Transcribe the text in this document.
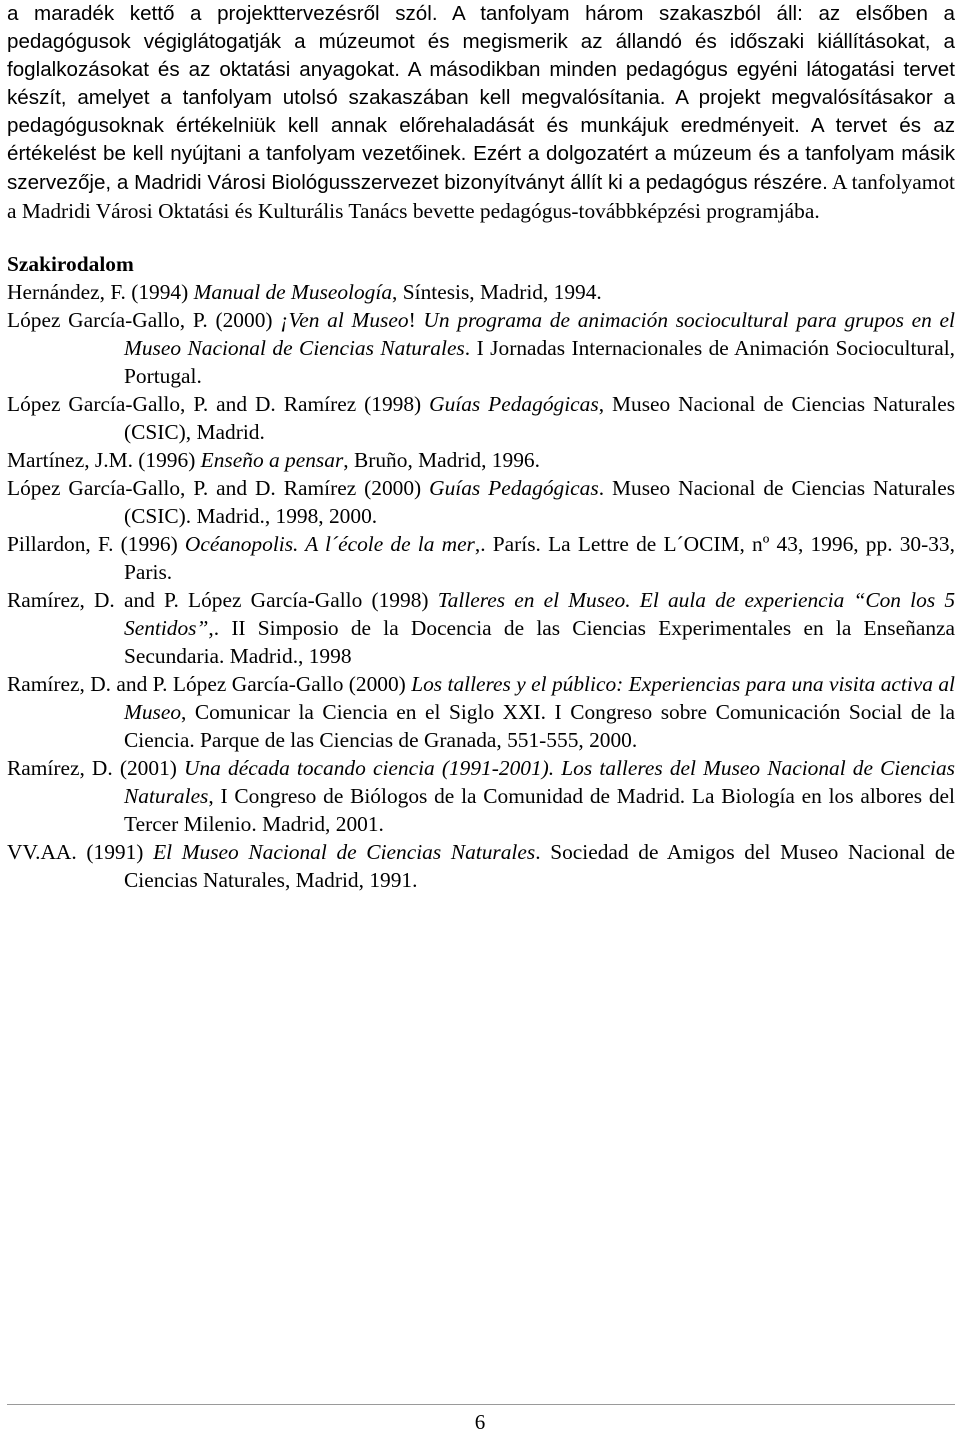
a maradék kettő a projekttervezésről szól. A tanfolyam három szakaszból áll: az elsőben a pedagógusok végiglátogatják a múzeumot és megismerik az állandó és időszaki kiállításokat, a foglalkozásokat és az oktatási anyagokat. A másodikban minden pedagógus egyéni látogatási tervet készít, amelyet a tanfolyam utolsó szakaszában kell megvalósítania. A projekt megvalósításakor a pedagógusoknak értékelniük kell annak előrehaladását és munkájuk eredményeit. A tervet és az értékelést be kell nyújtani a tanfolyam vezetőinek. Ezért a dolgozatért a múzeum és a tanfolyam másik szervezője, a Madridi Városi Biológusszervezet bizonyítványt állít ki a pedagógus részére. A tanfolyamot a Madridi Városi Oktatási és Kulturális Tanács bevette pedagógus-továbbképzési programjába.

Szakirodalom

Hernández, F. (1994) Manual de Museología, Síntesis, Madrid, 1994.

López García-Gallo, P. (2000) ¡Ven al Museo! Un programa de animación sociocultural para grupos en el Museo Nacional de Ciencias Naturales. I Jornadas Internacionales de Animación Sociocultural, Portugal.

López García-Gallo, P. and D. Ramírez (1998) Guías Pedagógicas, Museo Nacional de Ciencias Naturales (CSIC), Madrid.

Martínez, J.M. (1996) Enseño a pensar, Bruño, Madrid, 1996.

López García-Gallo, P. and D. Ramírez (2000) Guías Pedagógicas. Museo Nacional de Ciencias Naturales (CSIC). Madrid., 1998, 2000.

Pillardon, F. (1996) Océanopolis. A l´école de la mer,. París. La Lettre de L´OCIM, nº 43, 1996, pp. 30-33, Paris.

Ramírez, D. and P. López García-Gallo (1998) Talleres en el Museo. El aula de experiencia “Con los 5 Sentidos”,. II Simposio de la Docencia de las Ciencias Experimentales en la Enseñanza Secundaria. Madrid., 1998

Ramírez, D. and P. López García-Gallo (2000) Los talleres y el público: Experiencias para una visita activa al Museo, Comunicar la Ciencia en el Siglo XXI. I Congreso sobre Comunicación Social de la Ciencia. Parque de las Ciencias de Granada, 551-555, 2000.

Ramírez, D. (2001) Una década tocando ciencia (1991-2001). Los talleres del Museo Nacional de Ciencias Naturales, I Congreso de Biólogos de la Comunidad de Madrid. La Biología en los albores del Tercer Milenio. Madrid, 2001.

VV.AA. (1991) El Museo Nacional de Ciencias Naturales. Sociedad de Amigos del Museo Nacional de Ciencias Naturales, Madrid, 1991.

6
